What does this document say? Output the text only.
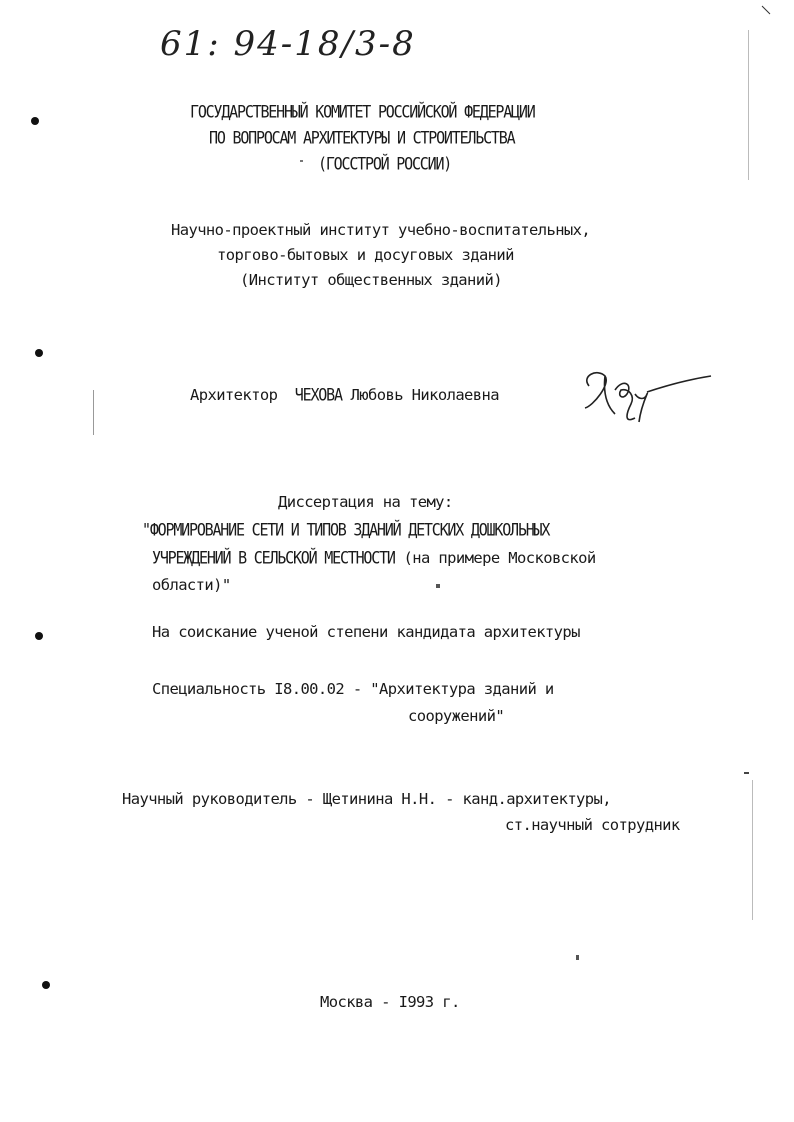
61: 94-18/3-8
ГОСУДАРСТВЕННЫЙ КОМИТЕТ РОССИЙСКОЙ ФЕДЕРАЦИИ
ПО ВОПРОСАМ АРХИТЕКТУРЫ И СТРОИТЕЛЬСТВА
(ГОССТРОЙ РОССИИ)
Научно-проектный институт учебно-воспитательных,
торгово-бытовых и досуговых зданий
(Институт общественных зданий)
Архитектор ЧЕХОВА Любовь Николаевна
Диссертация на тему:
"ФОРМИРОВАНИЕ СЕТИ И ТИПОВ ЗДАНИЙ ДЕТСКИХ ДОШКОЛЬНЫХ
УЧРЕЖДЕНИЙ В СЕЛЬСКОЙ МЕСТНОСТИ (на примере Московской
области)"
На соискание ученой степени кандидата архитектуры
Специальность I8.00.02 - "Архитектура зданий и
сооружений"
Научный руководитель - Щетинина Н.Н. - канд.архитектуры,
ст.научный сотрудник
Москва - I993 г.
